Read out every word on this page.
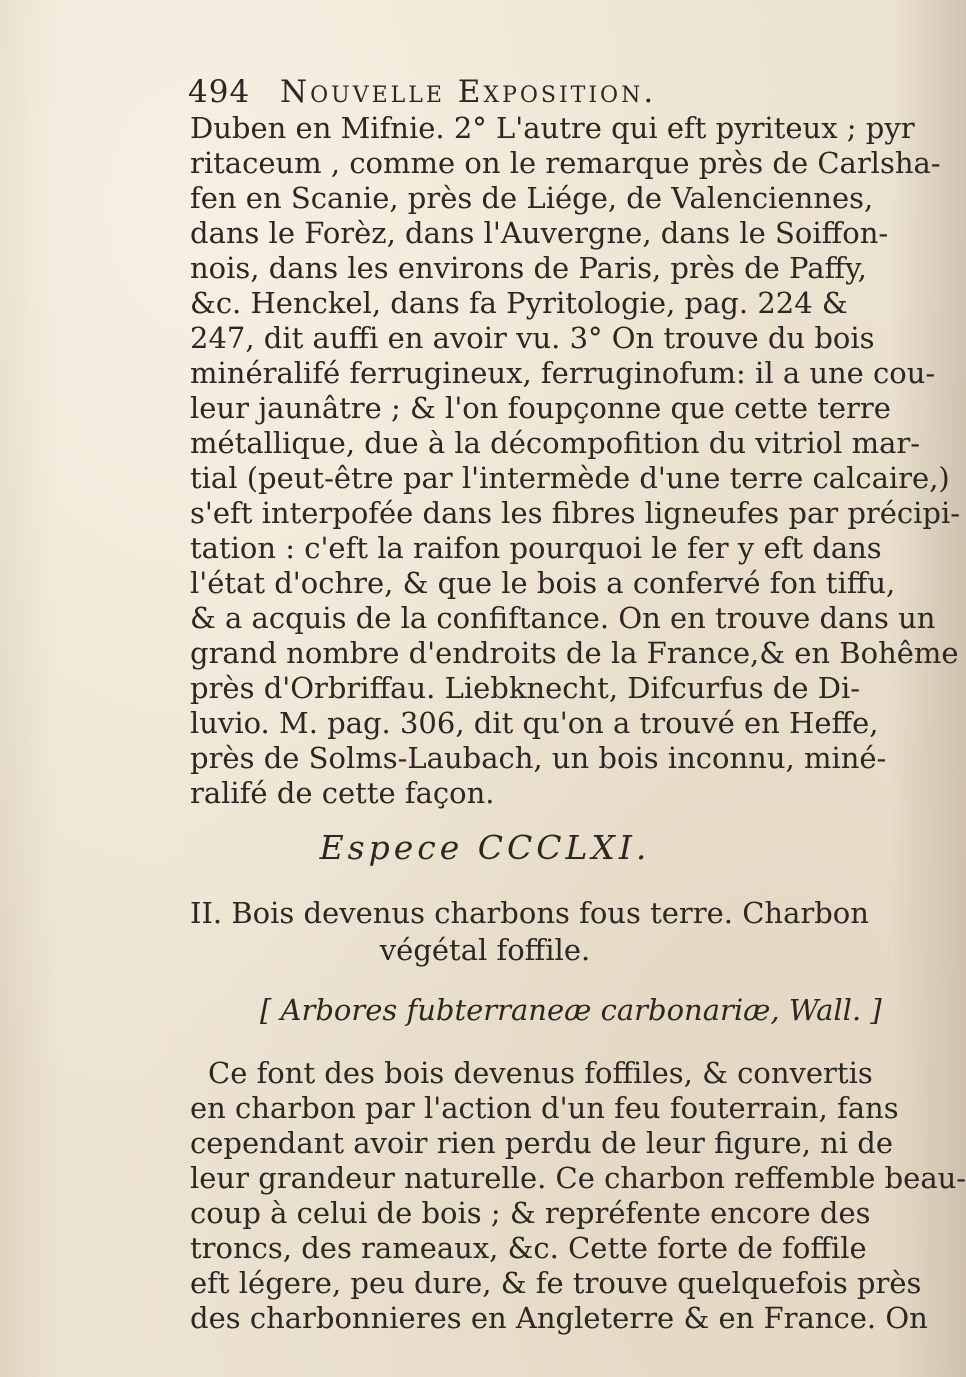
494 Nouvelle Exposition.
Duben en Mifnie. 2° L'autre qui eft pyriteux ; pyr
ritaceum , comme on le remarque près de Carlsha-
fen en Scanie, près de Liége, de Valenciennes,
dans le Forèz, dans l'Auvergne, dans le Soiffon-
nois, dans les environs de Paris, près de Paffy,
&c. Henckel, dans fa Pyritologie, pag. 224 &
247, dit auffi en avoir vu. 3° On trouve du bois
minéralifé ferrugineux, ferruginofum: il a une cou-
leur jaunâtre ; & l'on foupçonne que cette terre
métallique, due à la décompofition du vitriol mar-
tial (peut-être par l'intermède d'une terre calcaire,)
s'eft interpofée dans les fibres ligneufes par précipi-
tation : c'eft la raifon pourquoi le fer y eft dans
l'état d'ochre, & que le bois a confervé fon tiffu,
& a acquis de la confiftance. On en trouve dans un
grand nombre d'endroits de la France,& en Bohême
près d'Orbriffau. Liebknecht, Difcurfus de Di-
luvio. M. pag. 306, dit qu'on a trouvé en Heffe,
près de Solms-Laubach, un bois inconnu, miné-
ralifé de cette façon.
Espece CCCLXI.
II. Bois devenus charbons fous terre. Charbon
végétal foffile.
[ Arbores fubterraneæ carbonariæ, Wall. ]
Ce font des bois devenus foffiles, & convertis
en charbon par l'action d'un feu fouterrain, fans
cependant avoir rien perdu de leur figure, ni de
leur grandeur naturelle. Ce charbon reffemble beau-
coup à celui de bois ; & repréfente encore des
troncs, des rameaux, &c. Cette forte de foffile
eft légere, peu dure, & fe trouve quelquefois près
des charbonnieres en Angleterre & en France. On
